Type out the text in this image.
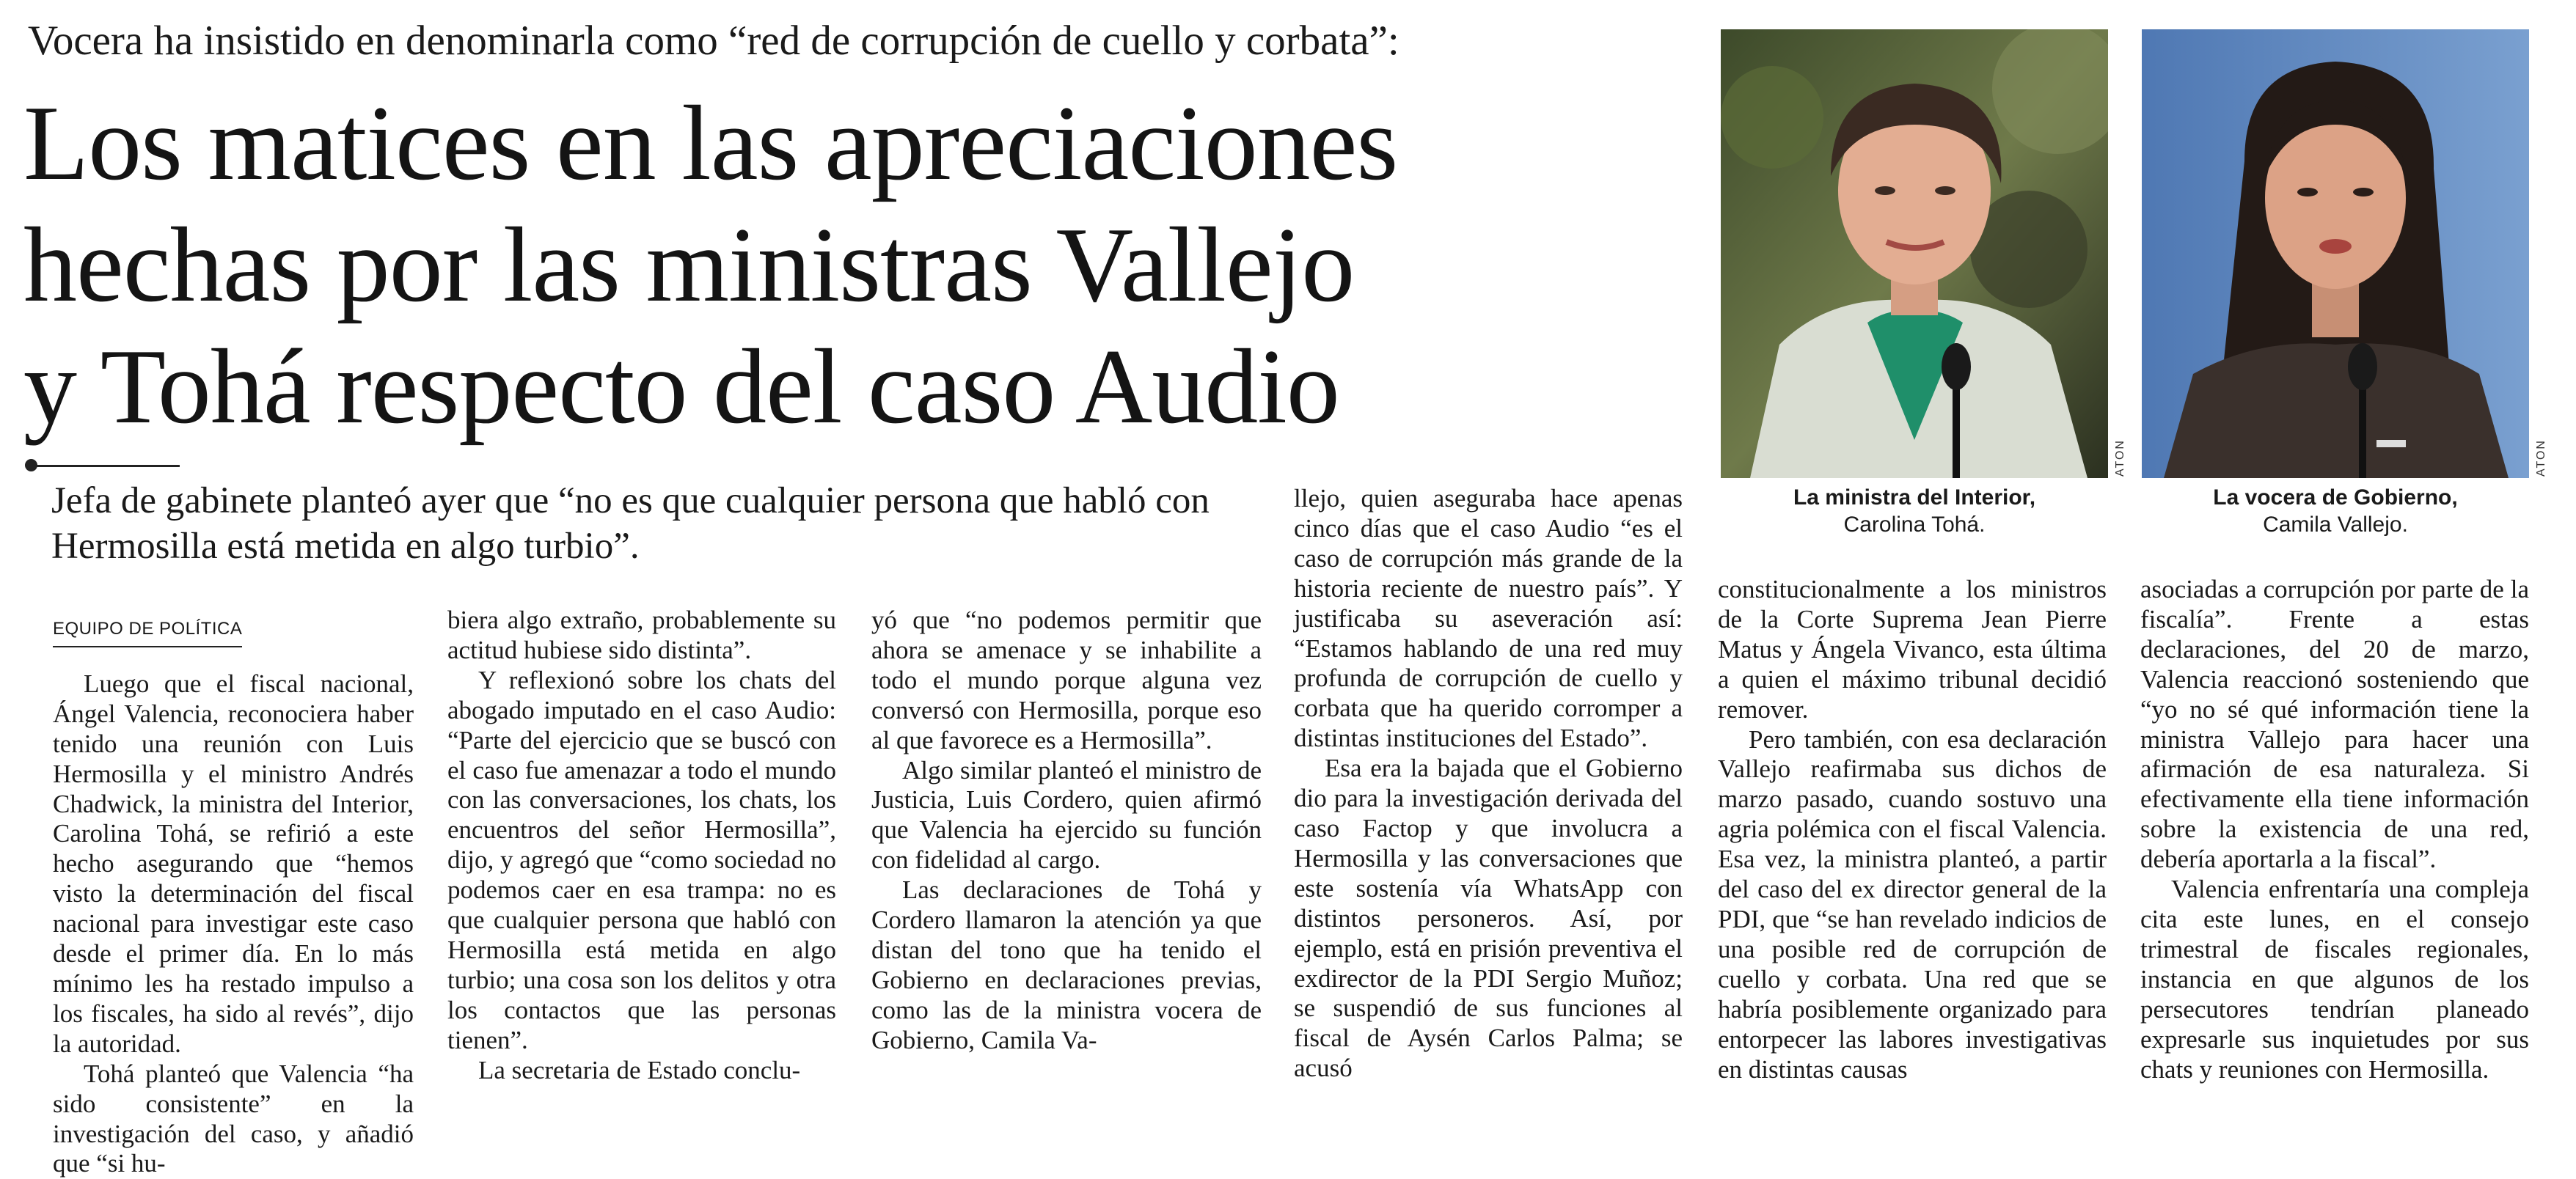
Vocera ha insistido en denominarla como “red de corrupción de cuello y corbata”:
Los matices en las apreciaciones
hechas por las ministras Vallejo
y Tohá respecto del caso Audio
Jefa de gabinete planteó ayer que “no es que cualquier persona que habló con Hermosilla está metida en algo turbio”.
EQUIPO DE POLÍTICA

Luego que el fiscal nacional, Ángel Valencia, reconociera haber tenido una reunión con Luis Hermosilla y el ministro Andrés Chadwick, la ministra del Interior, Carolina Tohá, se refirió a este hecho asegurando que “hemos visto la determinación del fiscal nacional para investigar este caso desde el primer día. En lo más mínimo les ha restado impulso a los fiscales, ha sido al revés”, dijo la autoridad.

Tohá planteó que Valencia “ha sido consistente” en la investigación del caso, y añadió que “si hu-

biera algo extraño, probablemente su actitud hubiese sido distinta”.

Y reflexionó sobre los chats del abogado imputado en el caso Audio: “Parte del ejercicio que se buscó con el caso fue amenazar a todo el mundo con las conversaciones, los chats, los encuentros del señor Hermosilla”, dijo, y agregó que “como sociedad no podemos caer en esa trampa: no es que cualquier persona que habló con Hermosilla está metida en algo turbio; una cosa son los delitos y otra los contactos que las personas tienen”.

La secretaria de Estado conclu-

yó que “no podemos permitir que ahora se amenace y se inhabilite a todo el mundo porque alguna vez conversó con Hermosilla, porque eso al que favorece es a Hermosilla”.

Algo similar planteó el ministro de Justicia, Luis Cordero, quien afirmó que Valencia ha ejercido su función con fidelidad al cargo.

Las declaraciones de Tohá y Cordero llamaron la atención ya que distan del tono que ha tenido el Gobierno en declaraciones previas, como las de la ministra vocera de Gobierno, Camila Va-

llejo, quien aseguraba hace apenas cinco días que el caso Audio “es el caso de corrupción más grande de la historia reciente de nuestro país”. Y justificaba su aseveración así: “Estamos hablando de una red muy profunda de corrupción de cuello y corbata que ha querido corromper a distintas instituciones del Estado”.

Esa era la bajada que el Gobierno dio para la investigación derivada del caso Factop y que involucra a Hermosilla y las conversaciones que este sostenía vía WhatsApp con distintos personeros. Así, por ejemplo, está en prisión preventiva el exdirector de la PDI Sergio Muñoz; se suspendió de sus funciones al fiscal de Aysén Carlos Palma; se acusó

constitucionalmente a los ministros de la Corte Suprema Jean Pierre Matus y Ángela Vivanco, esta última a quien el máximo tribunal decidió remover.

Pero también, con esa declaración Vallejo reafirmaba sus dichos de marzo pasado, cuando sostuvo una agria polémica con el fiscal Valencia. Esa vez, la ministra planteó, a partir del caso del ex director general de la PDI, que “se han revelado indicios de una posible red de corrupción de cuello y corbata. Una red que se habría posiblemente organizado para entorpecer las labores investigativas en distintas causas

asociadas a corrupción por parte de la fiscalía”. Frente a estas declaraciones, del 20 de marzo, Valencia reaccionó sosteniendo que “yo no sé qué información tiene la ministra Vallejo para hacer una afirmación de esa naturaleza. Si efectivamente ella tiene información sobre la existencia de una red, debería aportarla a la fiscal”.

Valencia enfrentaría una compleja cita este lunes, en el consejo trimestral de fiscales regionales, instancia en que algunos de los persecutores tendrían planeado expresarle sus inquietudes por sus chats y reuniones con Hermosilla.

ATON
La ministra del Interior,
Carolina Tohá.
ATON
La vocera de Gobierno,
Camila Vallejo.
